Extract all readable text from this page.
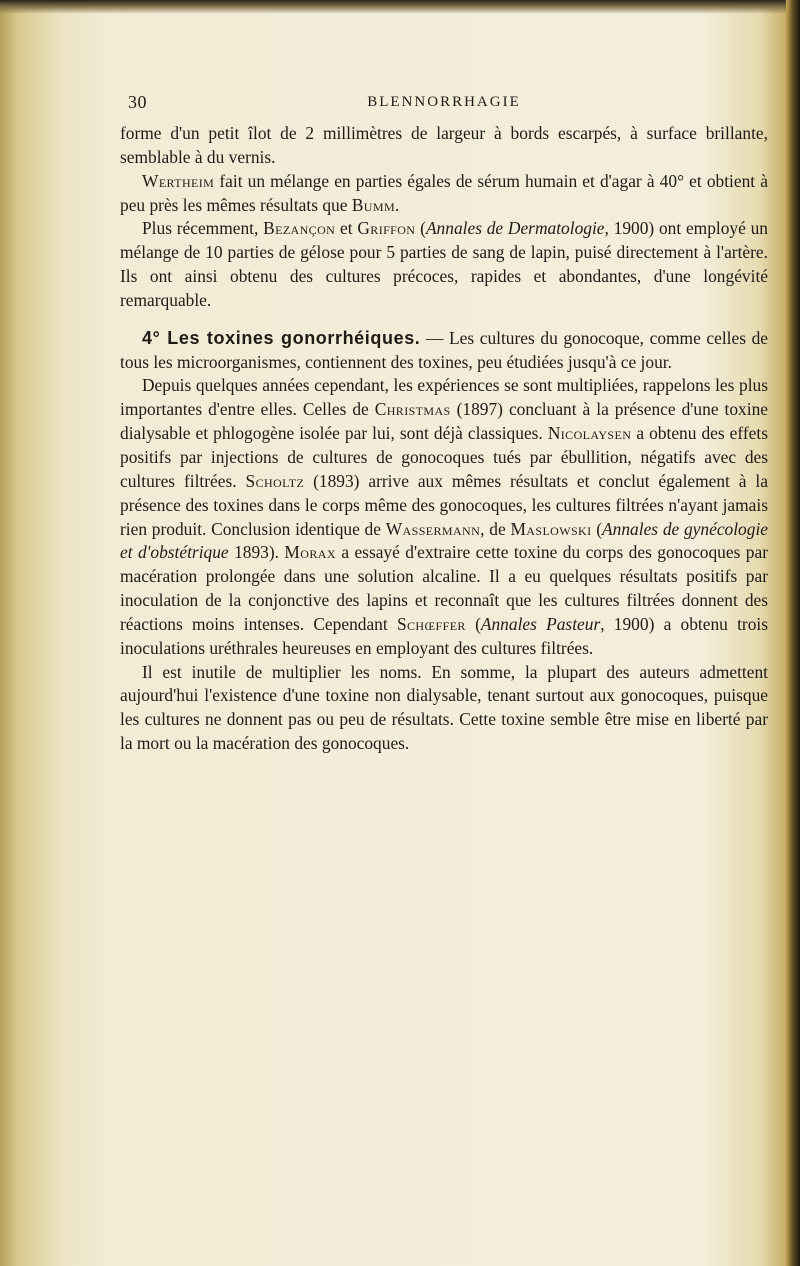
30	BLENNORRHAGIE

forme d'un petit îlot de 2 millimètres de largeur à bords escarpés, à surface brillante, semblable à du vernis.

Wertheim fait un mélange en parties égales de sérum humain et d'agar à 40° et obtient à peu près les mêmes résultats que Bumm.

Plus récemment, Bezançon et Griffon (Annales de Dermatologie, 1900) ont employé un mélange de 10 parties de gélose pour 5 parties de sang de lapin, puisé directement à l'artère. Ils ont ainsi obtenu des cultures précoces, rapides et abondantes, d'une longévité remarquable.

4° Les toxines gonorrhéiques. — Les cultures du gonocoque, comme celles de tous les microorganismes, contiennent des toxines, peu étudiées jusqu'à ce jour.

Depuis quelques années cependant, les expériences se sont multipliées, rappelons les plus importantes d'entre elles. Celles de Christmas (1897) concluant à la présence d'une toxine dialysable et phlogogène isolée par lui, sont déjà classiques. Nicolaysen a obtenu des effets positifs par injections de cultures de gonocoques tués par ébullition, négatifs avec des cultures filtrées. Scholtz (1893) arrive aux mêmes résultats et conclut également à la présence des toxines dans le corps même des gonocoques, les cultures filtrées n'ayant jamais rien produit. Conclusion identique de Wassermann, de Maslowski (Annales de gynécologie et d'obstétrique 1893). Morax a essayé d'extraire cette toxine du corps des gonocoques par macération prolongée dans une solution alcaline. Il a eu quelques résultats positifs par inoculation de la conjonctive des lapins et reconnaît que les cultures filtrées donnent des réactions moins intenses. Cependant Schœffer (Annales Pasteur, 1900) a obtenu trois inoculations uréthrales heureuses en employant des cultures filtrées.

Il est inutile de multiplier les noms. En somme, la plupart des auteurs admettent aujourd'hui l'existence d'une toxine non dialysable, tenant surtout aux gonocoques, puisque les cultures ne donnent pas ou peu de résultats. Cette toxine semble être mise en liberté par la mort ou la macération des gonocoques.
